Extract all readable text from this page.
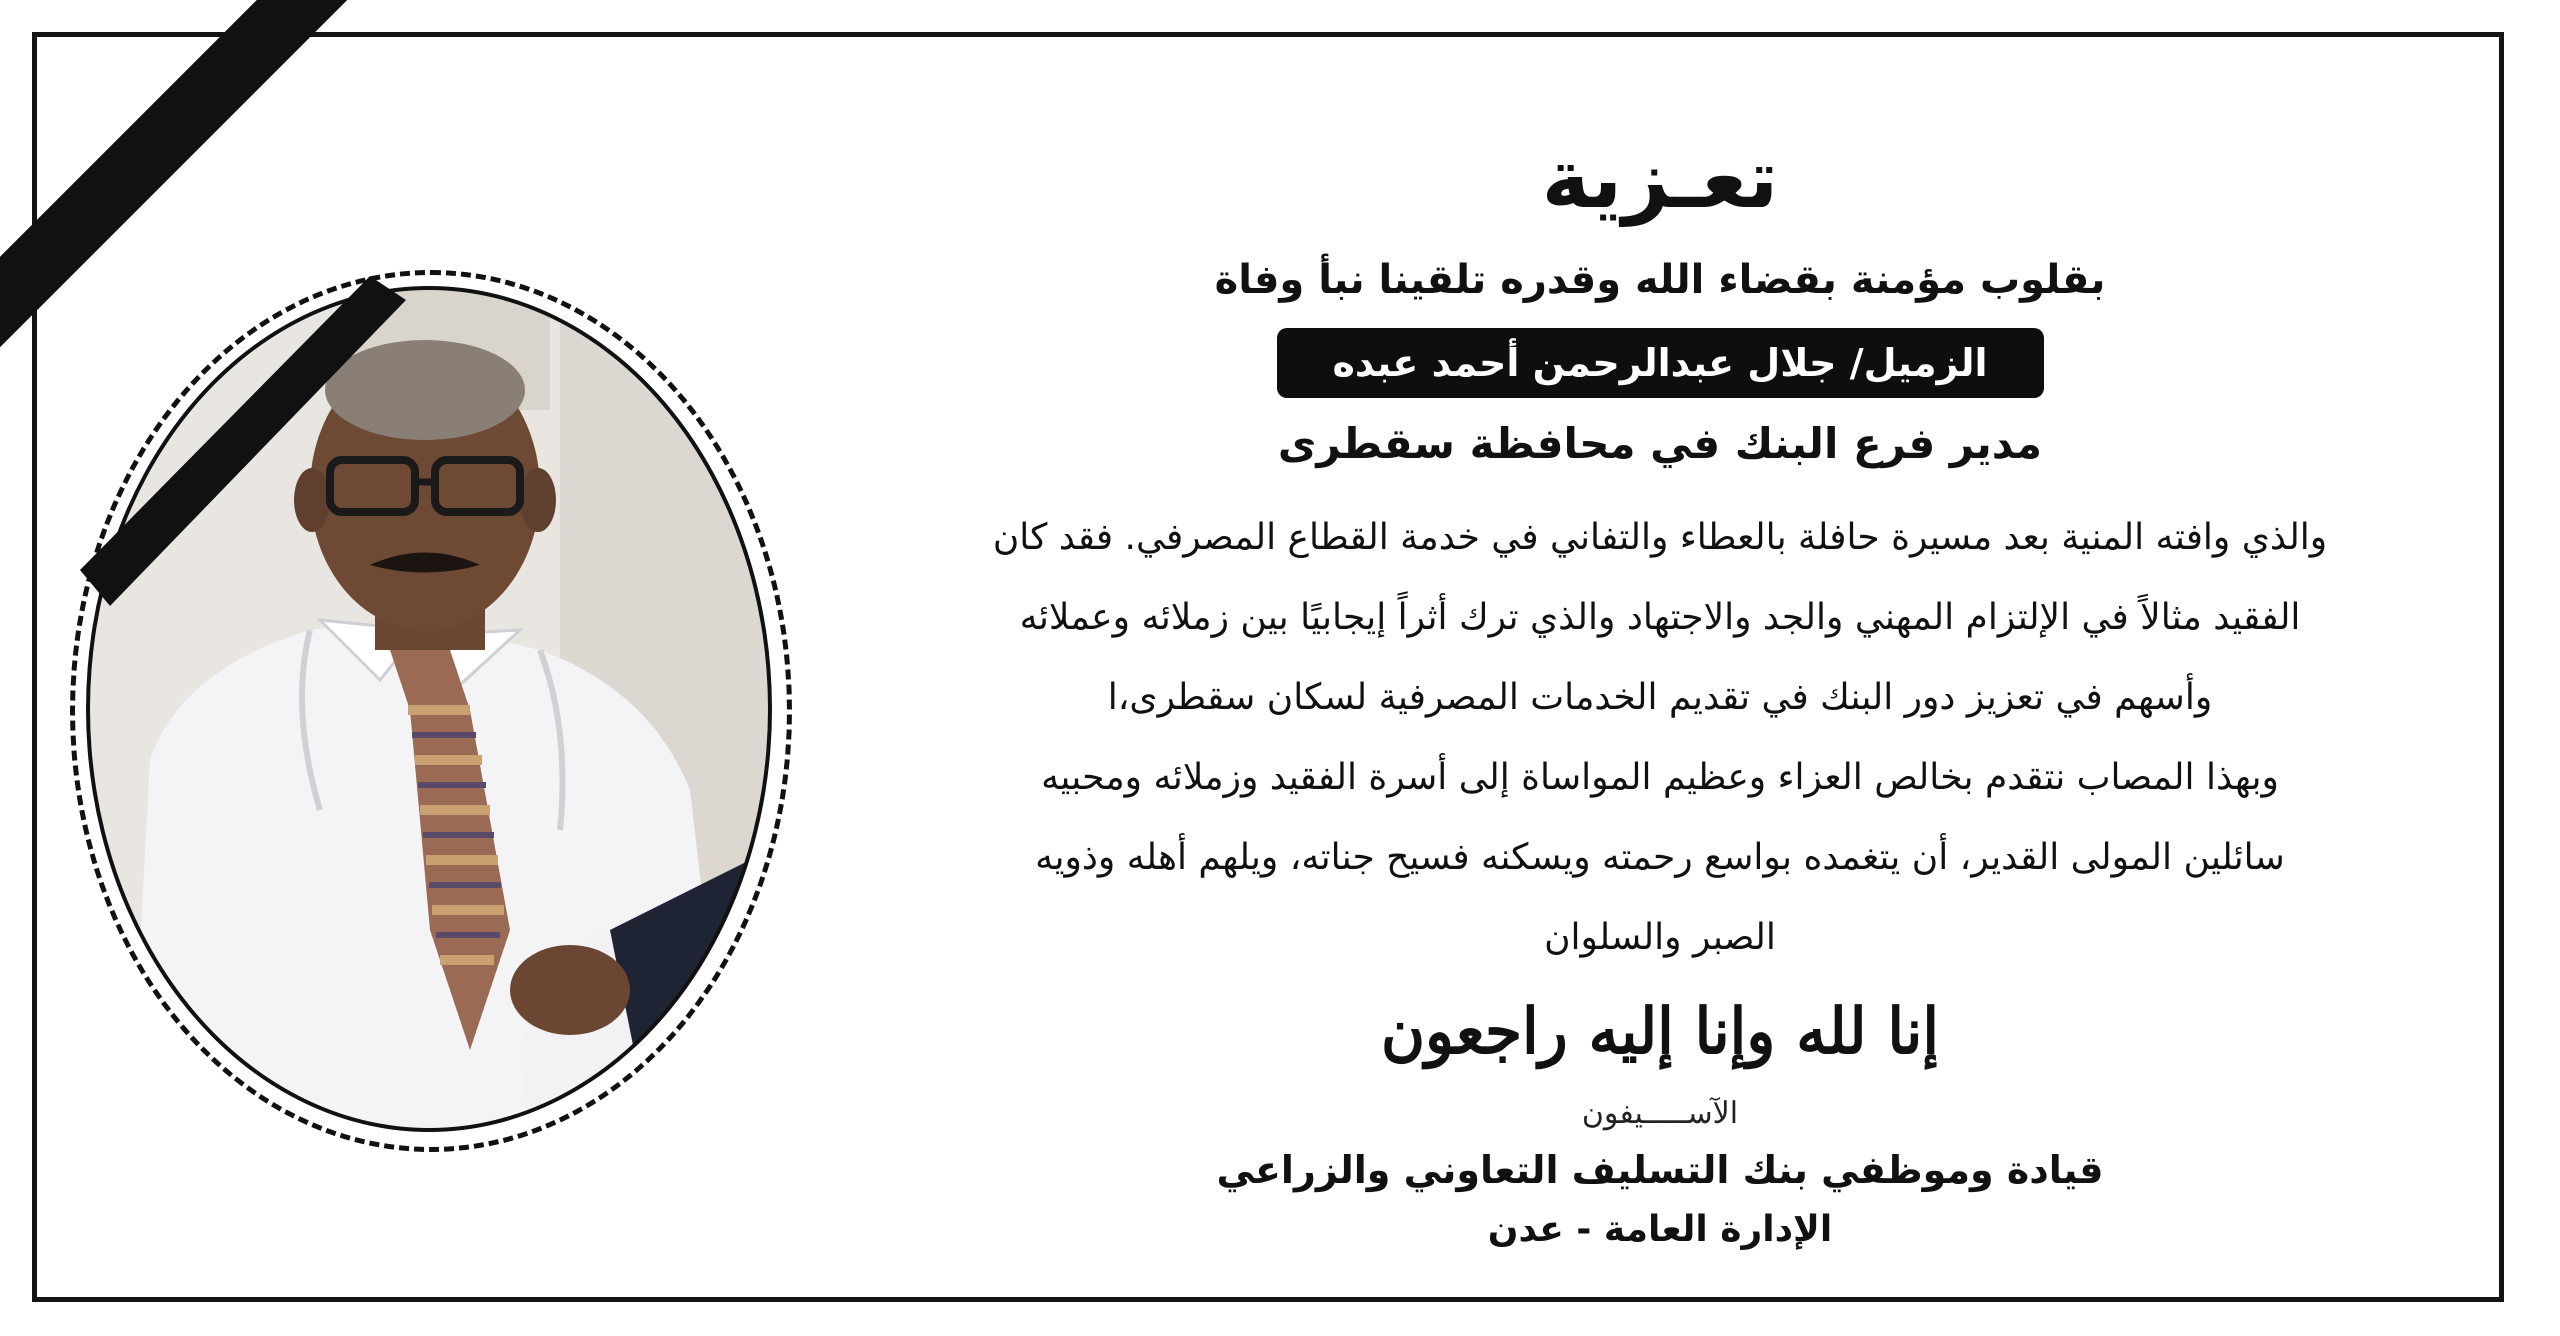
تعـزية
بقلوب مؤمنة بقضاء الله وقدره تلقينا نبأ وفاة
الزميل/ جلال عبدالرحمن أحمد عبده
مدير فرع البنك في محافظة سقطرى
والذي وافته المنية بعد مسيرة حافلة بالعطاء والتفاني في خدمة القطاع المصرفي. فقد كان
الفقيد مثالاً في الإلتزام المهني والجد والاجتهاد والذي ترك أثراً إيجابيًا بين زملائه وعملائه
وأسهم في تعزيز دور البنك في تقديم الخدمات المصرفية لسكان سقطرى،ا
وبهذا المصاب نتقدم بخالص العزاء وعظيم المواساة إلى أسرة الفقيد وزملائه ومحبيه
سائلين المولى القدير، أن يتغمده بواسع رحمته ويسكنه فسيح جناته، ويلهم أهله وذويه
الصبر والسلوان
إنا لله وإنا إليه راجعون
الآســـــيفون
قيادة وموظفي بنك التسليف التعاوني والزراعي
الإدارة العامة - عدن
